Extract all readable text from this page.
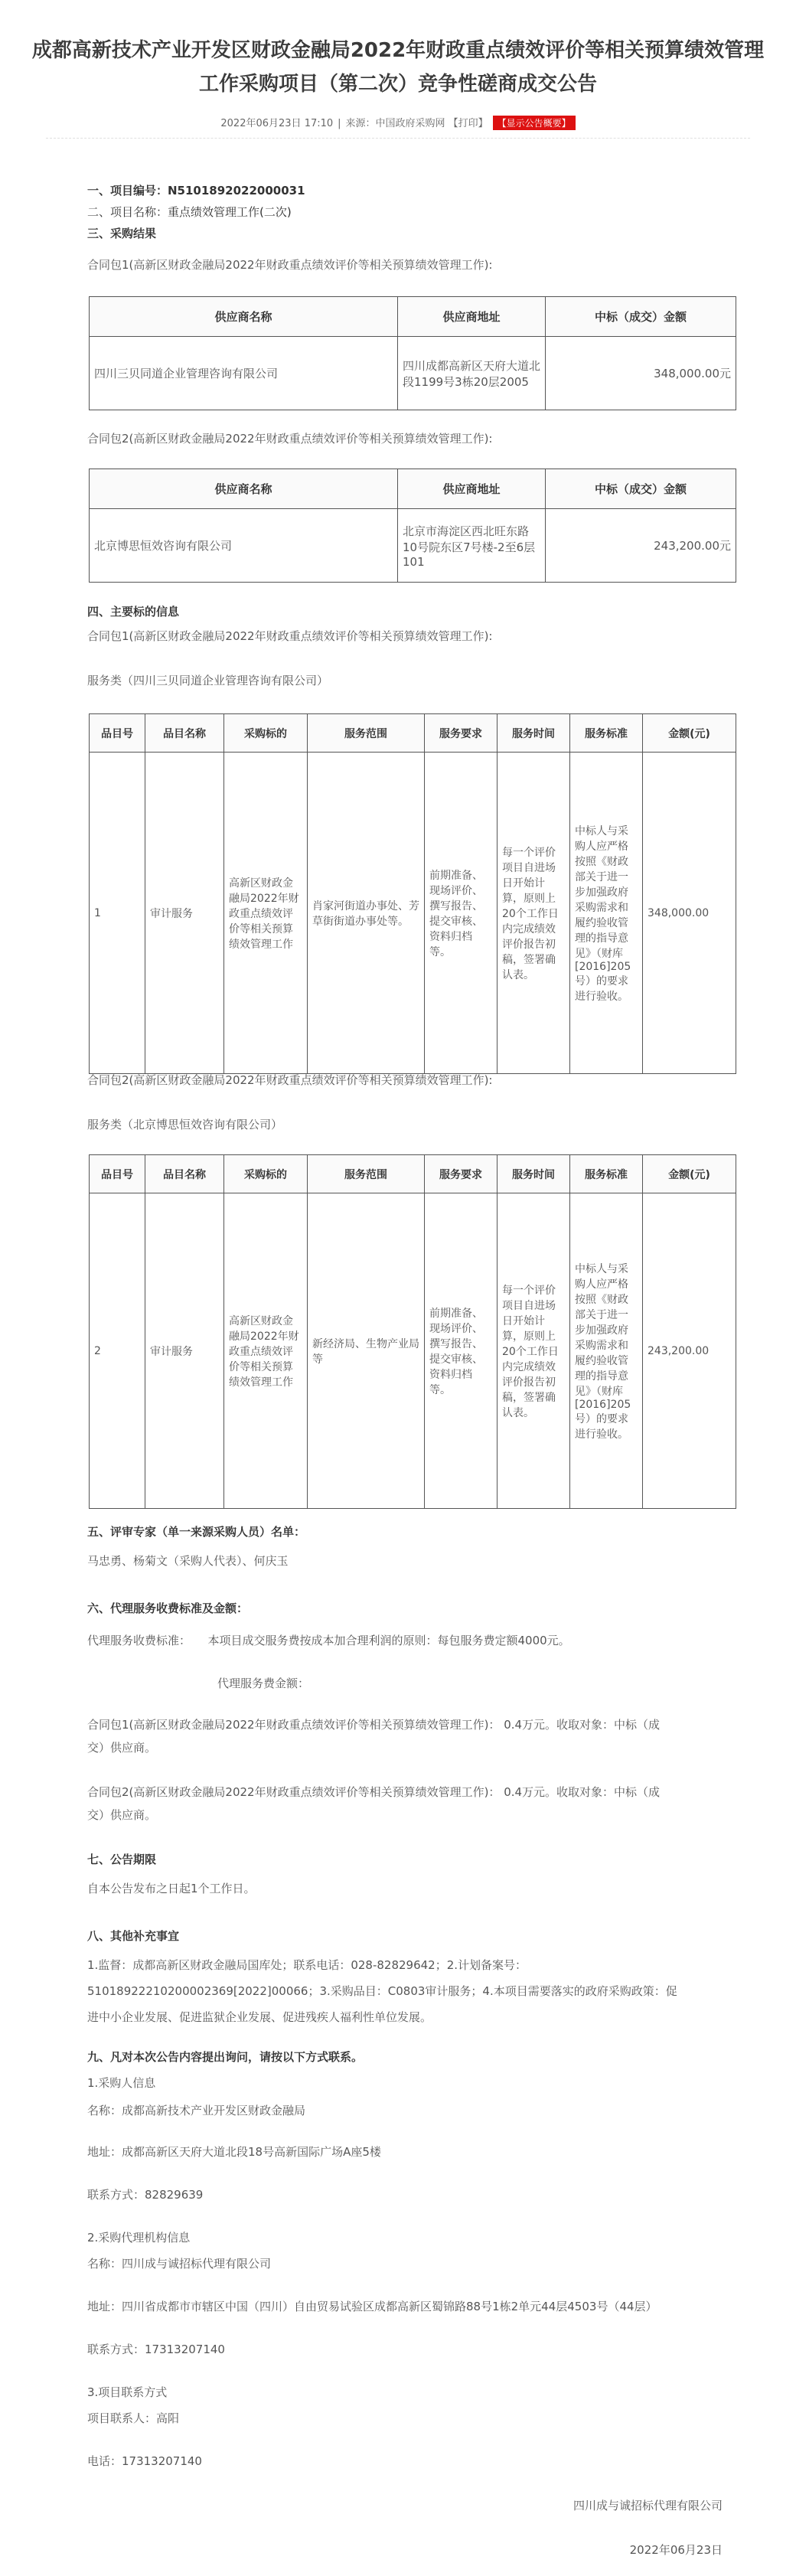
成都高新技术产业开发区财政金融局2022年财政重点绩效评价等相关预算绩效管理
工作采购项目（第二次）竞争性磋商成交公告
2022年06月23日 17:10 | 来源：中国政府采购网 【打印】 【显示公告概要】
一、项目编号：N5101892022000031
二、项目名称：重点绩效管理工作(二次)
三、采购结果
合同包1(高新区财政金融局2022年财政重点绩效评价等相关预算绩效管理工作):
供应商名称	供应商地址	中标（成交）金额
四川三贝同道企业管理咨询有限公司	四川成都高新区天府大道北段1199号3栋20层2005	348,000.00元
合同包2(高新区财政金融局2022年财政重点绩效评价等相关预算绩效管理工作):
供应商名称	供应商地址	中标（成交）金额
北京博思恒效咨询有限公司	北京市海淀区西北旺东路10号院东区7号楼-2至6层101	243,200.00元
四、主要标的信息
合同包1(高新区财政金融局2022年财政重点绩效评价等相关预算绩效管理工作):
服务类（四川三贝同道企业管理咨询有限公司）
品目号	品目名称	采购标的	服务范围	服务要求	服务时间	服务标准	金额(元)
1	审计服务	高新区财政金融局2022年财政重点绩效评价等相关预算绩效管理工作	肖家河街道办事处、芳草街街道办事处等。	前期准备、现场评价、撰写报告、提交审核、资料归档等。	每一个评价项目自进场日开始计算，原则上20个工作日内完成绩效评价报告初稿，签署确认表。	中标人与采购人应严格按照《财政部关于进一步加强政府采购需求和履约验收管理的指导意见》（财库[2016]205号）的要求进行验收。	348,000.00
合同包2(高新区财政金融局2022年财政重点绩效评价等相关预算绩效管理工作):
服务类（北京博思恒效咨询有限公司）
品目号	品目名称	采购标的	服务范围	服务要求	服务时间	服务标准	金额(元)
2	审计服务	高新区财政金融局2022年财政重点绩效评价等相关预算绩效管理工作	新经济局、生物产业局等	前期准备、现场评价、撰写报告、提交审核、资料归档等。	每一个评价项目自进场日开始计算，原则上20个工作日内完成绩效评价报告初稿，签署确认表。	中标人与采购人应严格按照《财政部关于进一步加强政府采购需求和履约验收管理的指导意见》（财库[2016]205号）的要求进行验收。	243,200.00
五、评审专家（单一来源采购人员）名单：
马忠勇、杨菊文（采购人代表）、何庆玉
六、代理服务收费标准及金额：
代理服务收费标准：　　本项目成交服务费按成本加合理利润的原则：每包服务费定额4000元。
代理服务费金额：
合同包1(高新区财政金融局2022年财政重点绩效评价等相关预算绩效管理工作)： 0.4万元。收取对象：中标（成
交）供应商。
合同包2(高新区财政金融局2022年财政重点绩效评价等相关预算绩效管理工作)： 0.4万元。收取对象：中标（成
交）供应商。
七、公告期限
自本公告发布之日起1个工作日。
八、其他补充事宜
1.监督：成都高新区财政金融局国库处；联系电话：028-82829642；2.计划备案号：
510189222102000023​69[2022]00066；3.采购品目：C0803审计服务；4.本项目需要落实的政府采购政策：促
进中小企业发展、促进监狱企业发展、促进残疾人福利性单位发展。
九、凡对本次公告内容提出询问，请按以下方式联系。
1.采购人信息
名称：成都高新技术产业开发区财政金融局
地址：成都高新区天府大道北段18号高新国际广场A座5楼
联系方式：82829639
2.采购代理机构信息
名称：四川成与诚招标代理有限公司
地址：四川省成都市市辖区中国（四川）自由贸易试验区成都高新区蜀锦路88号1栋2单元44层4503号（44层）
联系方式：17313207140
3.项目联系方式
项目联系人：高阳
电话：17313207140
四川成与诚招标代理有限公司
2022年06月23日
